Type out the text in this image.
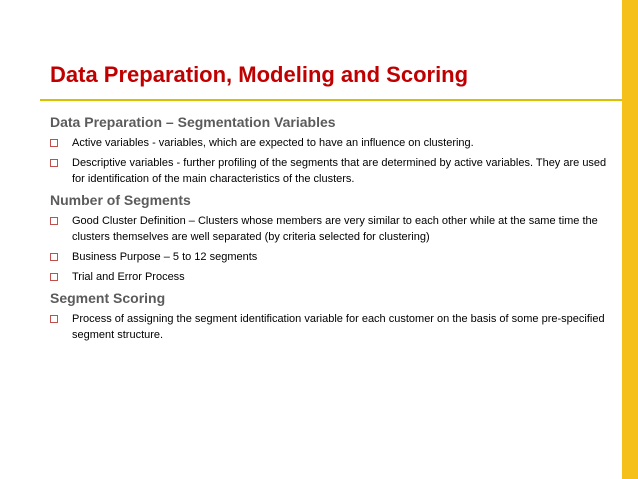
Data Preparation, Modeling and Scoring
Data Preparation – Segmentation Variables
Active variables - variables, which are expected to have an influence on clustering.
Descriptive variables - further profiling of the segments that are determined by active variables. They are used for identification of the main characteristics of the clusters.
Number of Segments
Good Cluster Definition – Clusters whose members are very similar to each other while at the same time the clusters themselves are well separated (by criteria selected for clustering)
Business Purpose – 5 to 12 segments
Trial and Error Process
Segment Scoring
Process of assigning the segment identification variable for each customer on the basis of some pre-specified segment structure.
